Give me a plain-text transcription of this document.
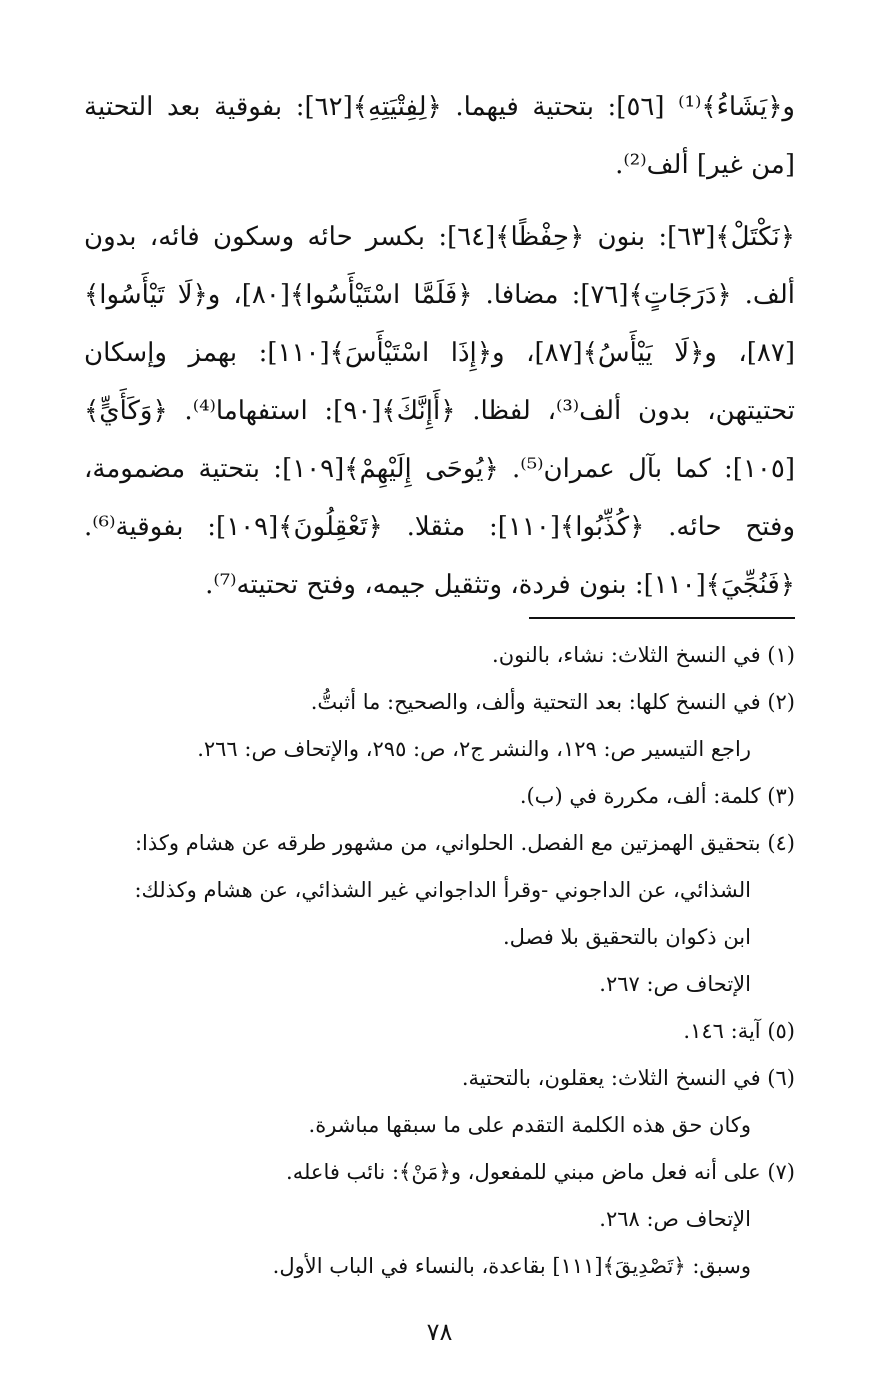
و﴿يَشَاءُ﴾⁽¹⁾ [٥٦]: بتحتية فيهما. ﴿لِفِتْيَتِهِ﴾[٦٢]: بفوقية بعد التحتية [من غير] ألف⁽²⁾.

﴿نَكْتَلْ﴾[٦٣]: بنون ﴿حِفْظًا﴾[٦٤]: بكسر حائه وسكون فائه، بدون ألف. ﴿دَرَجَاتٍ﴾[٧٦]: مضافا. ﴿فَلَمَّا اسْتَيْأَسُوا﴾[٨٠]، و﴿لَا تَيْأَسُوا﴾[٨٧]، و﴿لَا يَيْأَسُ﴾[٨٧]، و﴿إِذَا اسْتَيْأَسَ﴾[١١٠]: بهمز وإسكان تحتيتهن، بدون ألف⁽³⁾، لفظا. ﴿أَإِنَّكَ﴾[٩٠]: استفهاما⁽⁴⁾. ﴿وَكَأَيٍّ﴾[١٠٥]: كما بآل عمران⁽⁵⁾. ﴿يُوحَى إِلَيْهِمْ﴾[١٠٩]: بتحتية مضمومة، وفتح حائه. ﴿كُذِّبُوا﴾[١١٠]: مثقلا. ﴿تَعْقِلُونَ﴾[١٠٩]: بفوقية⁽⁶⁾. ﴿فَنُجِّيَ﴾[١١٠]: بنون فردة، وتثقيل جيمه، وفتح تحتيته⁽⁷⁾.

(١) في النسخ الثلاث: نشاء، بالنون.

(٢) في النسخ كلها: بعد التحتية وألف، والصحيح: ما أثبتُّ.

راجع التيسير ص: ١٢٩، والنشر ج٢، ص: ٢٩٥، والإتحاف ص: ٢٦٦.

(٣) كلمة: ألف، مكررة في (ب).

(٤) بتحقيق الهمزتين مع الفصل. الحلواني، من مشهور طرقه عن هشام وكذا:

الشذائي، عن الداجوني -وقرأ الداجواني غير الشذائي، عن هشام وكذلك:

ابن ذكوان بالتحقيق بلا فصل.

الإتحاف ص: ٢٦٧.

(٥) آية: ١٤٦.

(٦) في النسخ الثلاث: يعقلون، بالتحتية.

وكان حق هذه الكلمة التقدم على ما سبقها مباشرة.

(٧) على أنه فعل ماض مبني للمفعول، و﴿مَنْ﴾: نائب فاعله.

الإتحاف ص: ٢٦٨.

وسبق: ﴿تَصْدِيقَ﴾[١١١] بقاعدة، بالنساء في الباب الأول.

٧٨
